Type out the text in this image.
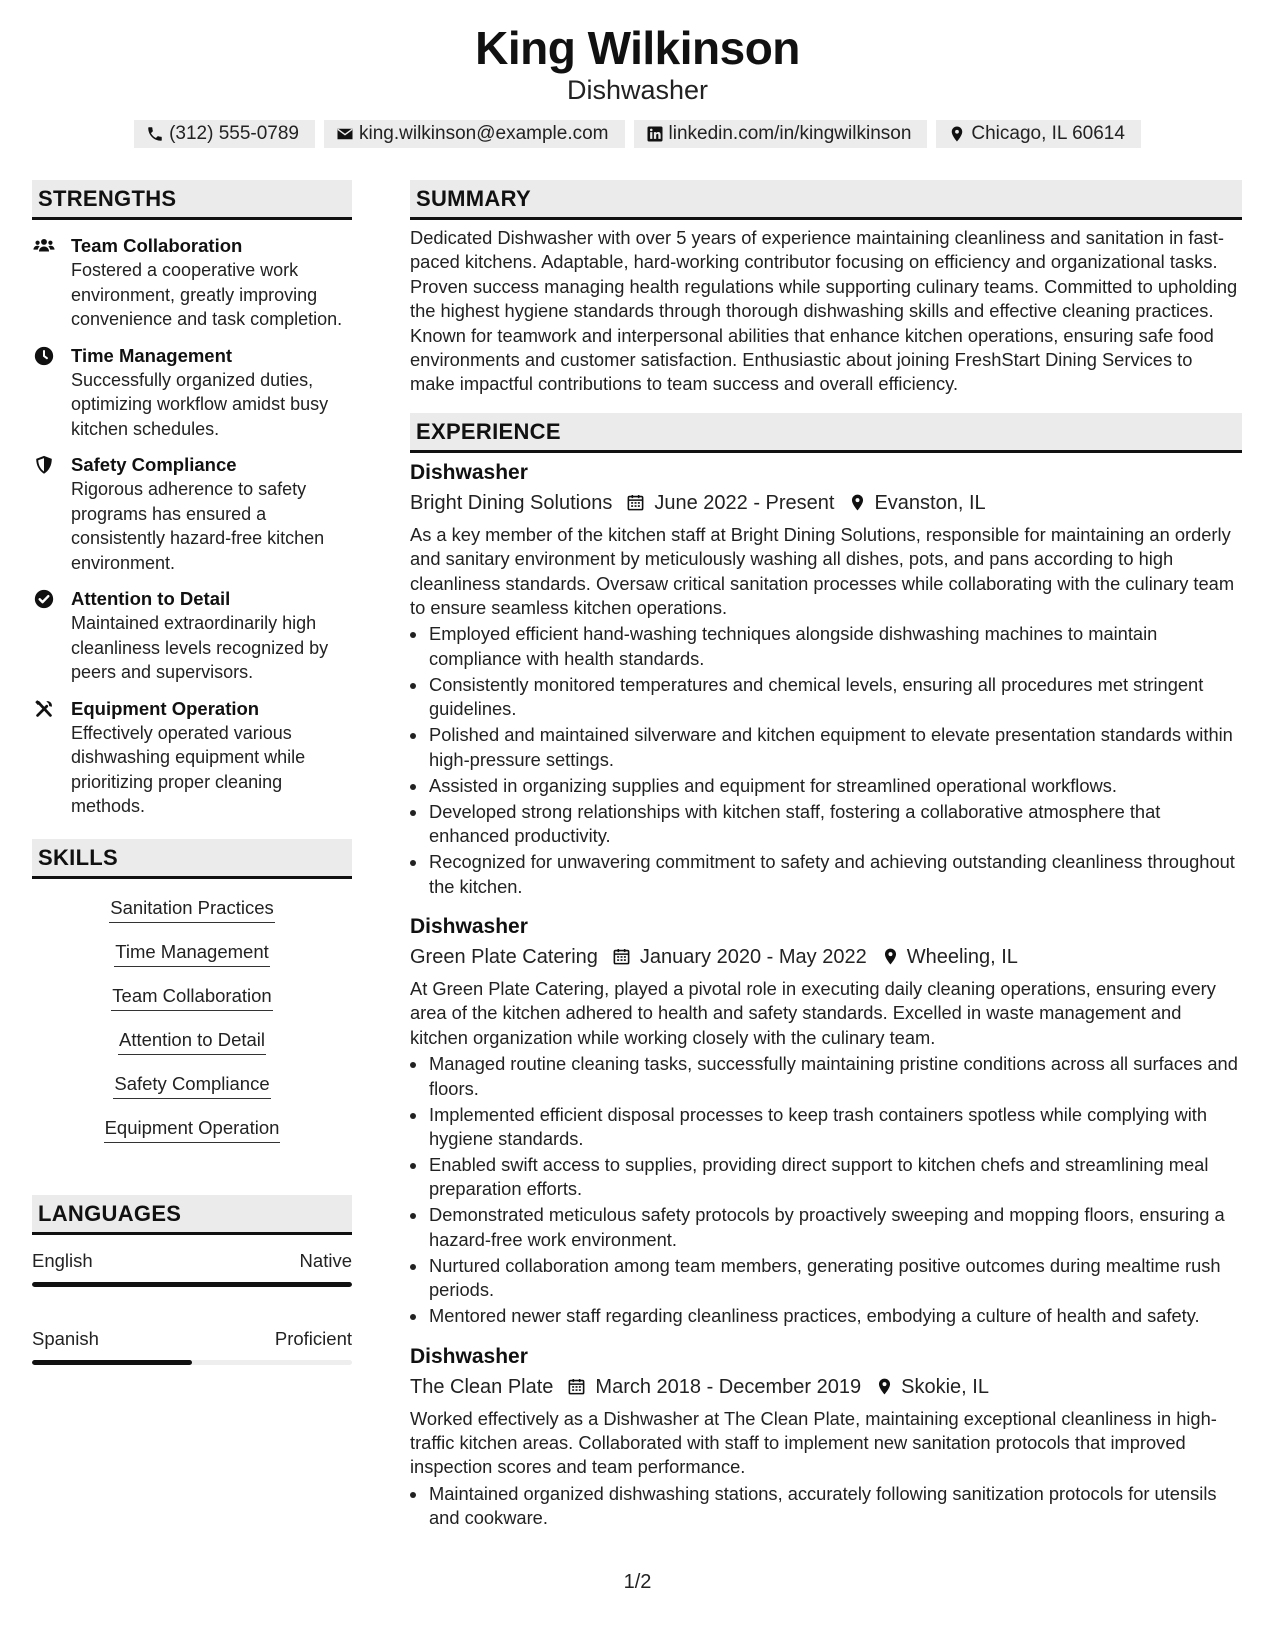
King Wilkinson
Dishwasher
(312) 555-0789	king.wilkinson@example.com	linkedin.com/in/kingwilkinson	Chicago, IL 60614
STRENGTHS
Team Collaboration
Fostered a cooperative work environment, greatly improving convenience and task completion.
Time Management
Successfully organized duties, optimizing workflow amidst busy kitchen schedules.
Safety Compliance
Rigorous adherence to safety programs has ensured a consistently hazard-free kitchen environment.
Attention to Detail
Maintained extraordinarily high cleanliness levels recognized by peers and supervisors.
Equipment Operation
Effectively operated various dishwashing equipment while prioritizing proper cleaning methods.
SKILLS
Sanitation Practices
Time Management
Team Collaboration
Attention to Detail
Safety Compliance
Equipment Operation
LANGUAGES
English	Native
Spanish	Proficient
SUMMARY
Dedicated Dishwasher with over 5 years of experience maintaining cleanliness and sanitation in fast-paced kitchens. Adaptable, hard-working contributor focusing on efficiency and organizational tasks. Proven success managing health regulations while supporting culinary teams. Committed to upholding the highest hygiene standards through thorough dishwashing skills and effective cleaning practices. Known for teamwork and interpersonal abilities that enhance kitchen operations, ensuring safe food environments and customer satisfaction. Enthusiastic about joining FreshStart Dining Services to make impactful contributions to team success and overall efficiency.
EXPERIENCE
Dishwasher
Bright Dining Solutions June 2022 - Present Evanston, IL
As a key member of the kitchen staff at Bright Dining Solutions, responsible for maintaining an orderly and sanitary environment by meticulously washing all dishes, pots, and pans according to high cleanliness standards. Oversaw critical sanitation processes while collaborating with the culinary team to ensure seamless kitchen operations.
• Employed efficient hand-washing techniques alongside dishwashing machines to maintain compliance with health standards.
• Consistently monitored temperatures and chemical levels, ensuring all procedures met stringent guidelines.
• Polished and maintained silverware and kitchen equipment to elevate presentation standards within high-pressure settings.
• Assisted in organizing supplies and equipment for streamlined operational workflows.
• Developed strong relationships with kitchen staff, fostering a collaborative atmosphere that enhanced productivity.
• Recognized for unwavering commitment to safety and achieving outstanding cleanliness throughout the kitchen.
Dishwasher
Green Plate Catering January 2020 - May 2022 Wheeling, IL
At Green Plate Catering, played a pivotal role in executing daily cleaning operations, ensuring every area of the kitchen adhered to health and safety standards. Excelled in waste management and kitchen organization while working closely with the culinary team.
• Managed routine cleaning tasks, successfully maintaining pristine conditions across all surfaces and floors.
• Implemented efficient disposal processes to keep trash containers spotless while complying with hygiene standards.
• Enabled swift access to supplies, providing direct support to kitchen chefs and streamlining meal preparation efforts.
• Demonstrated meticulous safety protocols by proactively sweeping and mopping floors, ensuring a hazard-free work environment.
• Nurtured collaboration among team members, generating positive outcomes during mealtime rush periods.
• Mentored newer staff regarding cleanliness practices, embodying a culture of health and safety.
Dishwasher
The Clean Plate March 2018 - December 2019 Skokie, IL
Worked effectively as a Dishwasher at The Clean Plate, maintaining exceptional cleanliness in high-traffic kitchen areas. Collaborated with staff to implement new sanitation protocols that improved inspection scores and team performance.
• Maintained organized dishwashing stations, accurately following sanitization protocols for utensils and cookware.
1/2
